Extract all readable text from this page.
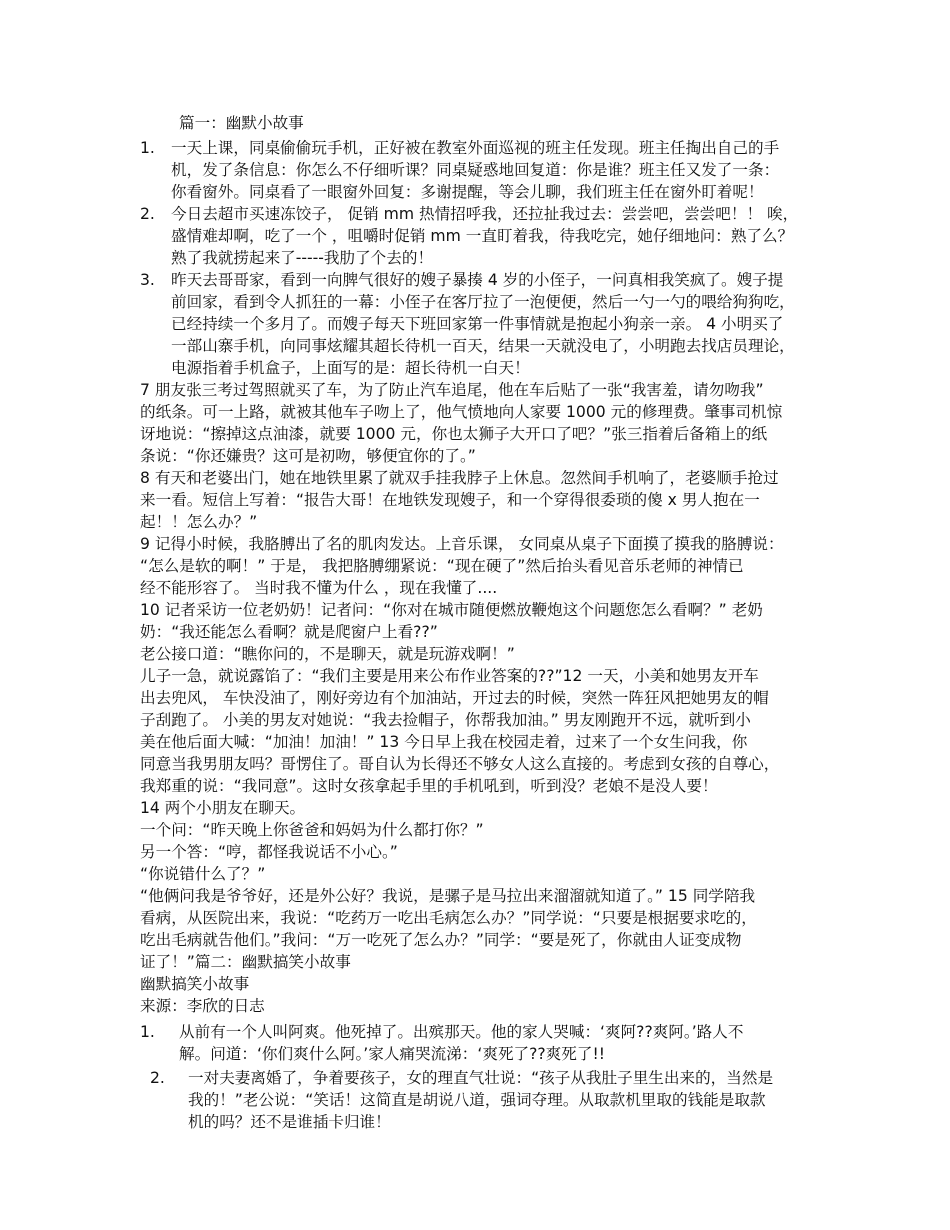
篇一：幽默小故事
1. 一天上课，同桌偷偷玩手机，正好被在教室外面巡视的班主任发现。班主任掏出自己的手
机，发了条信息：你怎么不仔细听课？同桌疑惑地回复道：你是谁？班主任又发了一条：
你看窗外。同桌看了一眼窗外回复：多谢提醒，等会儿聊，我们班主任在窗外盯着呢！
2. 今日去超市买速冻饺子， 促销 mm 热情招呼我，还拉扯我过去：尝尝吧，尝尝吧！！ 唉，
盛情难却啊，吃了一个 ，咀嚼时促销 mm 一直盯着我，待我吃完，她仔细地问：熟了么？
熟了我就捞起来了-----我肋了个去的！
3. 昨天去哥哥家，看到一向脾气很好的嫂子暴揍 4 岁的小侄子，一问真相我笑疯了。嫂子提
前回家，看到令人抓狂的一幕：小侄子在客厅拉了一泡便便，然后一勺一勺的喂给狗狗吃，
已经持续一个多月了。而嫂子每天下班回家第一件事情就是抱起小狗亲一亲。 4 小明买了
一部山寨手机，向同事炫耀其超长待机一百天，结果一天就没电了，小明跑去找店员理论，
电源指着手机盒子，上面写的是：超长待机一白天！
7 朋友张三考过驾照就买了车，为了防止汽车追尾，他在车后贴了一张“我害羞，请勿吻我”
的纸条。可一上路，就被其他车子吻上了，他气愤地向人家要 1000 元的修理费。肇事司机惊
讶地说：“擦掉这点油漆，就要 1000 元，你也太狮子大开口了吧？”张三指着后备箱上的纸
条说：“你还嫌贵？这可是初吻，够便宜你的了。”
8 有天和老婆出门，她在地铁里累了就双手挂我脖子上休息。忽然间手机响了，老婆顺手抢过
来一看。短信上写着：“报告大哥！在地铁发现嫂子，和一个穿得很委琐的傻 x 男人抱在一
起！！怎么办？”
9 记得小时候，我胳膊出了名的肌肉发达。上音乐课， 女同桌从桌子下面摸了摸我的胳膊说：
“怎么是软的啊！” 于是， 我把胳膊绷紧说：“现在硬了”然后抬头看见音乐老师的神情已
经不能形容了。 当时我不懂为什么 ，现在我懂了....
10 记者采访一位老奶奶！记者问：“你对在城市随便燃放鞭炮这个问题您怎么看啊？” 老奶
奶：“我还能怎么看啊？就是爬窗户上看??”
老公接口道：“瞧你问的，不是聊天，就是玩游戏啊！”
儿子一急，就说露馅了：“我们主要是用来公布作业答案的??”12 一天，小美和她男友开车
出去兜风， 车快没油了，刚好旁边有个加油站，开过去的时候，突然一阵狂风把她男友的帽
子刮跑了。 小美的男友对她说：“我去捡帽子，你帮我加油。” 男友刚跑开不远，就听到小
美在他后面大喊：“加油！加油！” 13 今日早上我在校园走着，过来了一个女生问我，你
同意当我男朋友吗？哥愣住了。哥自认为长得还不够女人这么直接的。考虑到女孩的自尊心，
我郑重的说：“我同意”。这时女孩拿起手里的手机吼到，听到没？老娘不是没人要！
14 两个小朋友在聊天。
一个问：“昨天晚上你爸爸和妈妈为什么都打你？”
另一个答：“哼，都怪我说话不小心。”
“你说错什么了？”
“他俩问我是爷爷好，还是外公好？我说，是骡子是马拉出来溜溜就知道了。” 15 同学陪我
看病，从医院出来，我说：“吃药万一吃出毛病怎么办？”同学说：“只要是根据要求吃的，
吃出毛病就告他们。”我问：“万一吃死了怎么办？”同学：“要是死了，你就由人证变成物
证了！”篇二：幽默搞笑小故事
幽默搞笑小故事
来源：李欣的日志
1. 从前有一个人叫阿爽。他死掉了。出殡那天。他的家人哭喊：‘爽阿??爽阿。’路人不
解。问道：‘你们爽什么阿。’家人痛哭流涕：‘爽死了??爽死了!!
2. 一对夫妻离婚了，争着要孩子，女的理直气壮说：“孩子从我肚子里生出来的，当然是
我的！”老公说：“笑话！这简直是胡说八道，强词夺理。从取款机里取的钱能是取款
机的吗？还不是谁插卡归谁！
